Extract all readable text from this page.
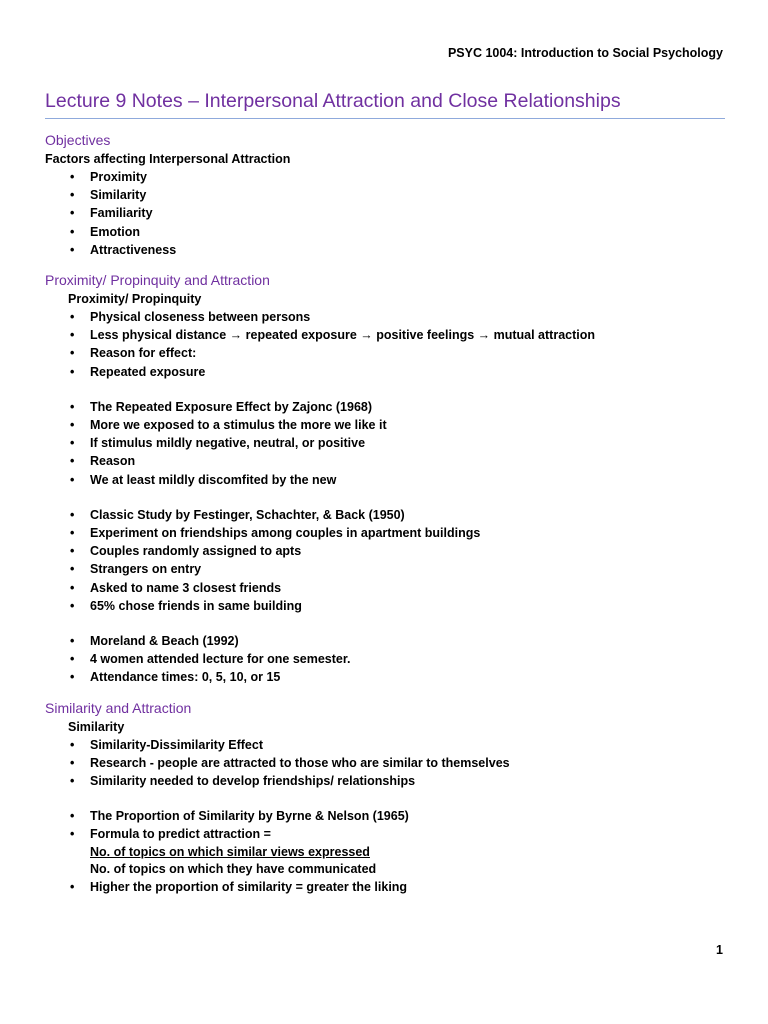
PSYC 1004: Introduction to Social Psychology
Lecture 9 Notes – Interpersonal Attraction and Close Relationships
Objectives
Factors affecting Interpersonal Attraction
• Proximity
• Similarity
• Familiarity
• Emotion
• Attractiveness
Proximity/ Propinquity and Attraction
Proximity/ Propinquity
• Physical closeness between persons
• Less physical distance → repeated exposure → positive feelings → mutual attraction
• Reason for effect:
• Repeated exposure
• The Repeated Exposure Effect by Zajonc (1968)
• More we exposed to a stimulus the more we like it
• If stimulus mildly negative, neutral, or positive
• Reason
• We at least mildly discomfited by the new
• Classic Study by Festinger, Schachter, & Back (1950)
• Experiment on friendships among couples in apartment buildings
• Couples randomly assigned to apts
• Strangers on entry
• Asked to name 3 closest friends
• 65% chose friends in same building
• Moreland & Beach (1992)
• 4 women attended lecture for one semester.
• Attendance times: 0, 5, 10, or 15
Similarity and Attraction
Similarity
• Similarity-Dissimilarity Effect
• Research - people are attracted to those who are similar to themselves
• Similarity needed to develop friendships/ relationships
• The Proportion of Similarity by Byrne & Nelson (1965)
• Formula to predict attraction =
No. of topics on which similar views expressed
No. of topics on which they have communicated
• Higher the proportion of similarity = greater the liking
1
